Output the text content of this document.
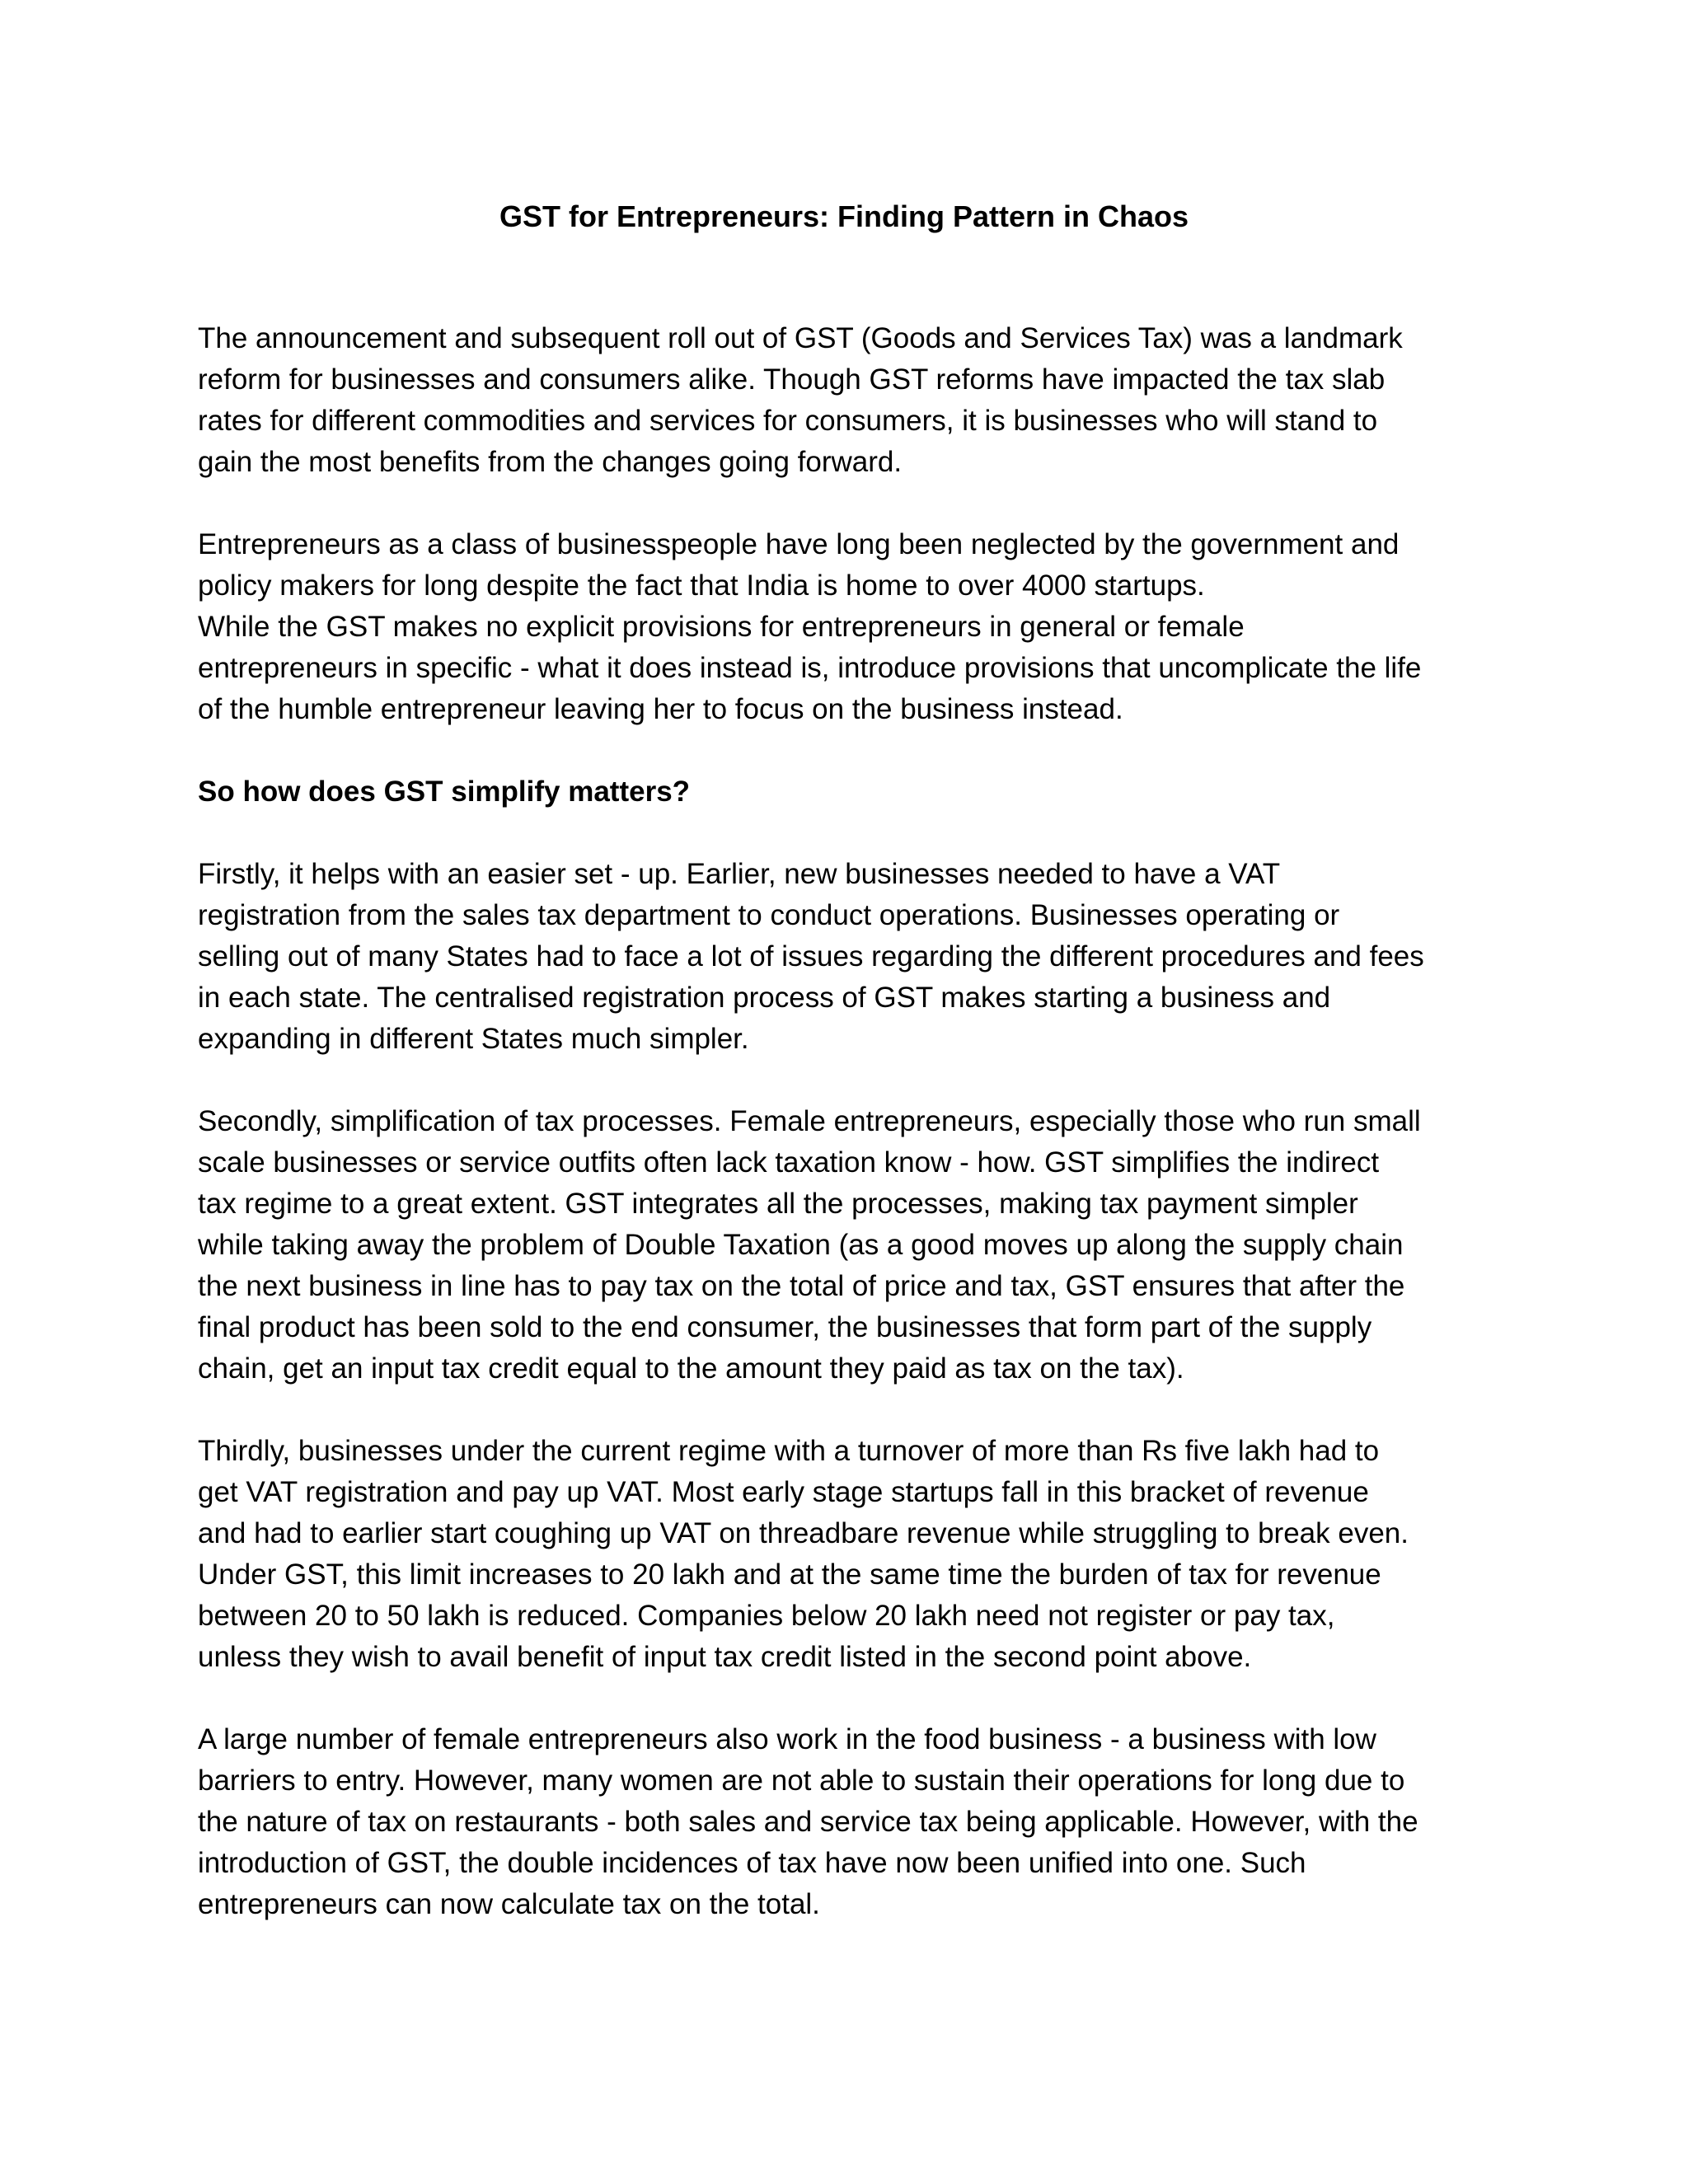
GST for Entrepreneurs: Finding Pattern in Chaos

The announcement and subsequent roll out of GST (Goods and Services Tax) was a landmark
reform for businesses and consumers alike. Though GST reforms have impacted the tax slab
rates for different commodities and services for consumers, it is businesses who will stand to
gain the most benefits from the changes going forward.

Entrepreneurs as a class of businesspeople have long been neglected by the government and
policy makers for long despite the fact that India is home to over 4000 startups.
While the GST makes no explicit provisions for entrepreneurs in general or female
entrepreneurs in specific - what it does instead is, introduce provisions that uncomplicate the life
of the humble entrepreneur leaving her to focus on the business instead.

So how does GST simplify matters?

Firstly, it helps with an easier set - up. Earlier, new businesses needed to have a VAT
registration from the sales tax department to conduct operations. Businesses operating or
selling out of many States had to face a lot of issues regarding the different procedures and fees
in each state. The centralised registration process of GST makes starting a business and
expanding in different States much simpler.

Secondly, simplification of tax processes. Female entrepreneurs, especially those who run small
scale businesses or service outfits often lack taxation know - how. GST simplifies the indirect
tax regime to a great extent. GST integrates all the processes, making tax payment simpler
while taking away the problem of Double Taxation (as a good moves up along the supply chain
the next business in line has to pay tax on the total of price and tax, GST ensures that after the
final product has been sold to the end consumer, the businesses that form part of the supply
chain, get an input tax credit equal to the amount they paid as tax on the tax).

Thirdly, businesses under the current regime with a turnover of more than Rs five lakh had to
get VAT registration and pay up VAT. Most early stage startups fall in this bracket of revenue
and had to earlier start coughing up VAT on threadbare revenue while struggling to break even.
Under GST, this limit increases to 20 lakh and at the same time the burden of tax for revenue
between 20 to 50 lakh is reduced. Companies below 20 lakh need not register or pay tax,
unless they wish to avail benefit of input tax credit listed in the second point above.

A large number of female entrepreneurs also work in the food business - a business with low
barriers to entry. However, many women are not able to sustain their operations for long due to
the nature of tax on restaurants - both sales and service tax being applicable. However, with the
introduction of GST, the double incidences of tax have now been unified into one. Such
entrepreneurs can now calculate tax on the total.
